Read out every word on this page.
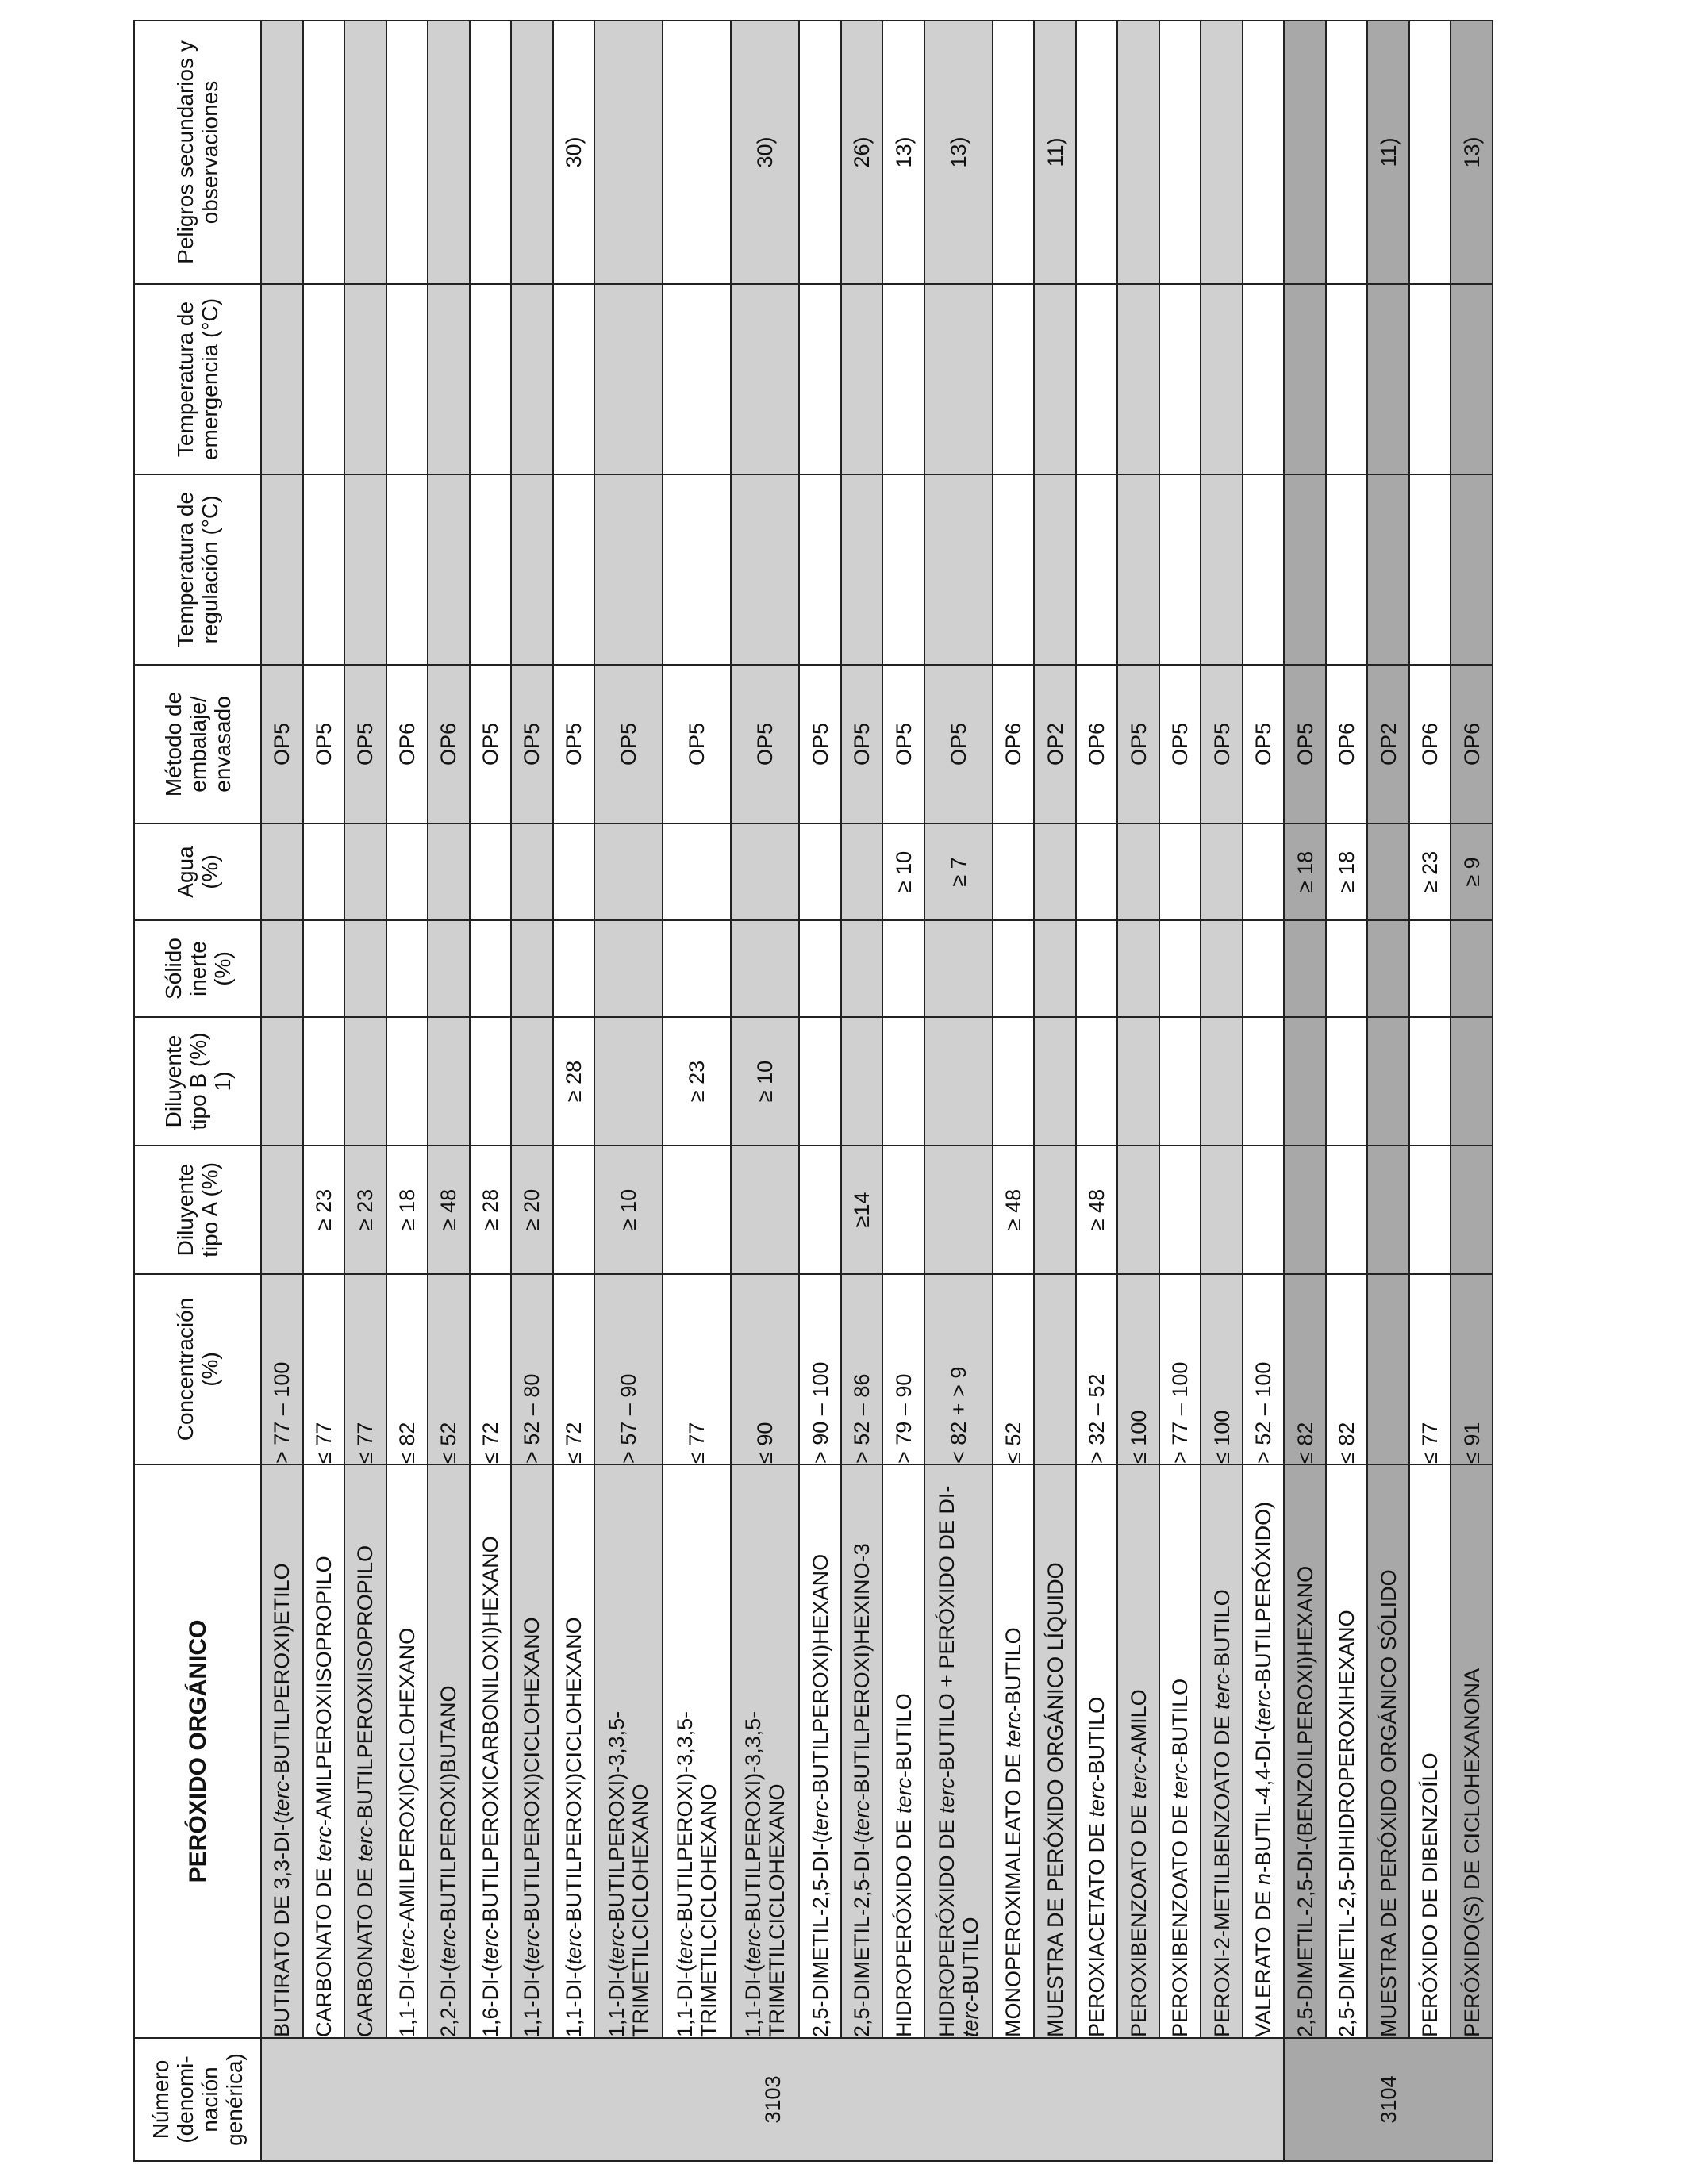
Número (denomi-nación genérica)	PERÓXIDO ORGÁNICO	Concentración (%)	Diluyente tipo A (%)	Diluyente tipo B (%) 1)	Sólido inerte (%)	Agua (%)	Método de embalaje/ envasado	Temperatura de regulación (°C)	Temperatura de emergencia (°C)	Peligros secundarios y observaciones
3103	BUTIRATO DE 3,3-DI-(terc-BUTILPEROXI)ETILO	> 77 – 100					OP5			
	CARBONATO DE terc-AMILPEROXIISOPROPILO	≤ 77	≥ 23				OP5			
	CARBONATO DE terc-BUTILPEROXIISOPROPILO	≤ 77	≥ 23				OP5			
	1,1-DI-(terc-AMILPEROXI)CICLOHEXANO	≤ 82	≥ 18				OP6			
	2,2-DI-(terc-BUTILPEROXI)BUTANO	≤ 52	≥ 48				OP6			
	1,6-DI-(terc-BUTILPEROXICARBONILOXI)HEXANO	≤ 72	≥ 28				OP5			
	1,1-DI-(terc-BUTILPEROXI)CICLOHEXANO	> 52 – 80	≥ 20				OP5			
	1,1-DI-(terc-BUTILPEROXI)CICLOHEXANO	≤ 72		≥ 28			OP5			30)
	1,1-DI-(terc-BUTILPEROXI)-3,3,5-TRIMETILCICLOHEXANO	> 57 – 90	≥ 10				OP5			
	1,1-DI-(terc-BUTILPEROXI)-3,3,5-TRIMETILCICLOHEXANO	≤ 77		≥ 23			OP5			
	1,1-DI-(terc-BUTILPEROXI)-3,3,5-TRIMETILCICLOHEXANO	≤ 90		≥ 10			OP5			30)
	2,5-DIMETIL-2,5-DI-(terc-BUTILPEROXI)HEXANO	> 90 – 100					OP5			
	2,5-DIMETIL-2,5-DI-(terc-BUTILPEROXI)HEXINO-3	> 52 – 86	≥14				OP5			26)
	HIDROPERÓXIDO DE terc-BUTILO	> 79 – 90				≥ 10	OP5			13)
	HIDROPERÓXIDO DE terc-BUTILO + PERÓXIDO DE DI-terc-BUTILO	< 82 + > 9				≥ 7	OP5			13)
	MONOPEROXIMALEATO DE terc-BUTILO	≤ 52	≥ 48				OP6			
	MUESTRA DE PERÓXIDO ORGÁNICO LÍQUIDO						OP2			11)
	PEROXIACETATO DE terc-BUTILO	> 32 – 52	≥ 48				OP6			
	PEROXIBENZOATO DE terc-AMILO	≤ 100					OP5			
	PEROXIBENZOATO DE terc-BUTILO	> 77 – 100					OP5			
	PEROXI-2-METILBENZOATO DE terc-BUTILO	≤ 100					OP5			
	VALERATO DE n-BUTIL-4,4-DI-(terc-BUTILPERÓXIDO)	> 52 – 100					OP5			
3104	2,5-DIMETIL-2,5-DI-(BENZOILPEROXI)HEXANO	≤ 82				≥ 18	OP5			
	2,5-DIMETIL-2,5-DIHIDROPEROXIHEXANO	≤ 82				≥ 18	OP6			
	MUESTRA DE PERÓXIDO ORGÁNICO SÓLIDO						OP2			11)
	PERÓXIDO DE DIBENZOÍLO	≤ 77				≥ 23	OP6			
	PERÓXIDO(S) DE CICLOHEXANONA	≤ 91				≥ 9	OP6			13)
